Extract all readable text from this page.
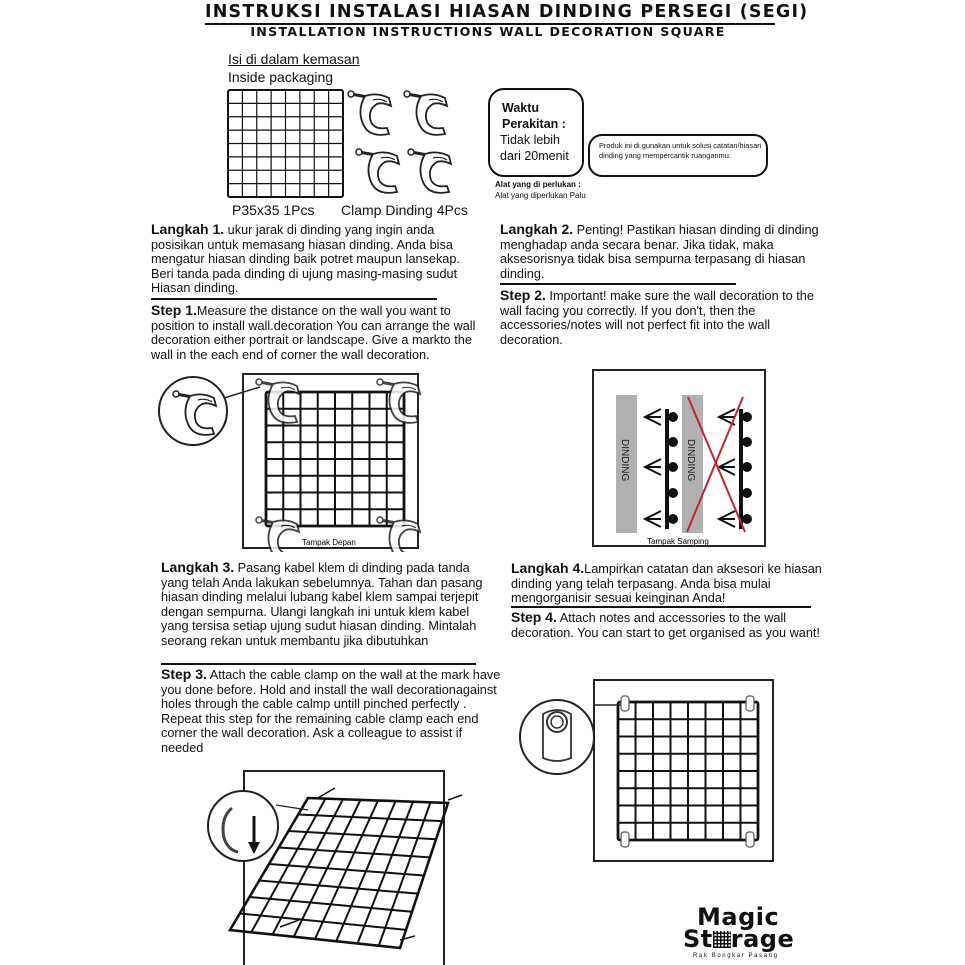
INSTRUKSI INSTALASI HIASAN DINDING PERSEGI (SEGI)
INSTALLATION INSTRUCTIONS WALL DECORATION SQUARE
Isi di dalam kemasan
Inside packaging
P35x35 1Pcs Clamp Dinding 4Pcs
Waktu
Perakitan :
Tidak lebih
dari 20menit
Produk ini di gunakan untuk solusi catatan/hiasan dinding yang mempercantik ruanganmu.
Alat yang di perlukan :
Alat yang diperlukan Palu
Langkah 1. ukur jarak di dinding yang ingin anda posisikan untuk memasang hiasan dinding. Anda bisa mengatur hiasan dinding baik potret maupun lansekap. Beri tanda pada dinding di ujung masing-masing sudut Hiasan dinding.
Step 1.Measure the distance on the wall you want to position to install wall.decoration You can arrange the wall decoration either portrait or landscape. Give a markto the wall in the each end of corner the wall decoration.
Tampak Depan
Langkah 2. Penting! Pastikan hiasan dinding di dinding menghadap anda secara benar. Jika tidak, maka aksesorisnya tidak bisa sempurna terpasang di hiasan dinding.
Step 2. Important! make sure the wall decoration to the wall facing you correctly. If you don't, then the accessories/notes will not perfect fit into the wall decoration.
DINDING	DINDING
Tampak Samping
Langkah 3. Pasang kabel klem di dinding pada tanda yang telah Anda lakukan sebelumnya. Tahan dan pasang hiasan dinding melalui lubang kabel klem sampai terjepit dengan sempurna. Ulangi langkah ini untuk klem kabel yang tersisa setiap ujung sudut hiasan dinding. Mintalah seorang rekan untuk membantu jika dibutuhkan
Step 3. Attach the cable clamp on the wall at the mark have you done before. Hold and install the wall decorationagainst holes through the cable calmp untill pinched perfectly . Repeat this step for the remaining cable clamp each end corner the wall decoration. Ask a colleague to assist if needed
Langkah 4.Lampirkan catatan dan aksesori ke hiasan dinding yang telah terpasang. Anda bisa mulai mengorganisir sesuai keinginan Anda!
Step 4. Attach notes and accessories to the wall decoration. You can start to get organised as you want!
Magic
St rage
Rak Bongkar Pasang
